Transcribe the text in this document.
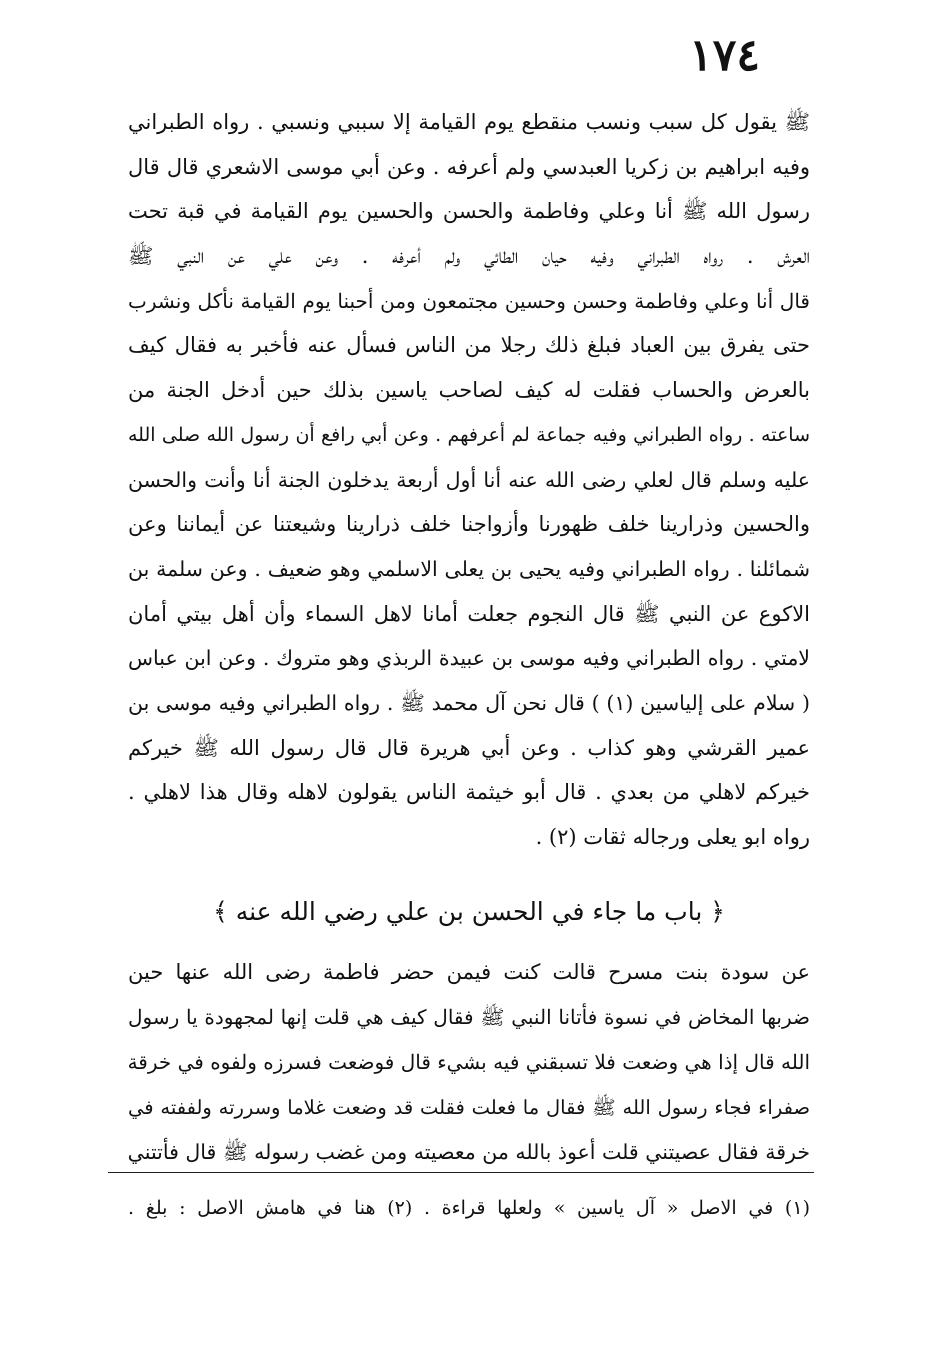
١٧٤
ﷺ يقول كل سبب ونسب منقطع يوم القيامة إلا سببي ونسبي . رواه الطبراني
وفيه ابراهيم بن زكريا العبدسي ولم أعرفه . وعن أبي موسى الاشعري قال قال
رسول الله ﷺ أنا وعلي وفاطمة والحسن والحسين يوم القيامة في قبة تحت
العرش . رواه الطبراني وفيه حيان الطائي ولم أعرفه . وعن علي عن النبي ﷺ
قال أنا وعلي وفاطمة وحسن وحسين مجتمعون ومن أحبنا يوم القيامة نأكل ونشرب
حتى يفرق بين العباد فبلغ ذلك رجلا من الناس فسأل عنه فأخبر به فقال كيف
بالعرض والحساب فقلت له كيف لصاحب ياسين بذلك حين أدخل الجنة من
ساعته . رواه الطبراني وفيه جماعة لم أعرفهم . وعن أبي رافع أن رسول الله صلى الله
عليه وسلم قال لعلي رضى الله عنه أنا أول أربعة يدخلون الجنة أنا وأنت والحسن
والحسين وذرارينا خلف ظهورنا وأزواجنا خلف ذرارينا وشيعتنا عن أيماننا وعن
شمائلنا . رواه الطبراني وفيه يحيى بن يعلى الاسلمي وهو ضعيف . وعن سلمة بن
الاكوع عن النبي ﷺ قال النجوم جعلت أمانا لاهل السماء وأن أهل بيتي أمان
لامتي . رواه الطبراني وفيه موسى بن عبيدة الربذي وهو متروك . وعن ابن عباس
( سلام على إلياسين (١) ) قال نحن آل محمد ﷺ . رواه الطبراني وفيه موسى بن
عمير القرشي وهو كذاب . وعن أبي هريرة قال قال رسول الله ﷺ خيركم
خيركم لاهلي من بعدي . قال أبو خيثمة الناس يقولون لاهله وقال هذا لاهلي .
رواه ابو يعلى ورجاله ثقات (٢) .
﴿ باب ما جاء في الحسن بن علي رضي الله عنه ﴾
عن سودة بنت مسرح قالت كنت فيمن حضر فاطمة رضى الله عنها حين
ضربها المخاض في نسوة فأتانا النبي ﷺ فقال كيف هي قلت إنها لمجهودة يا رسول
الله قال إذا هي وضعت فلا تسبقني فيه بشيء قال فوضعت فسرزه ولفوه في خرقة
صفراء فجاء رسول الله ﷺ فقال ما فعلت فقلت قد وضعت غلاما وسررته ولففته في
خرقة فقال عصيتني قلت أعوذ بالله من معصيته ومن غضب رسوله ﷺ قال فأتتني
(١) في الاصل « آل ياسين » ولعلها قراءة . (٢) هنا في هامش الاصل : بلغ .
